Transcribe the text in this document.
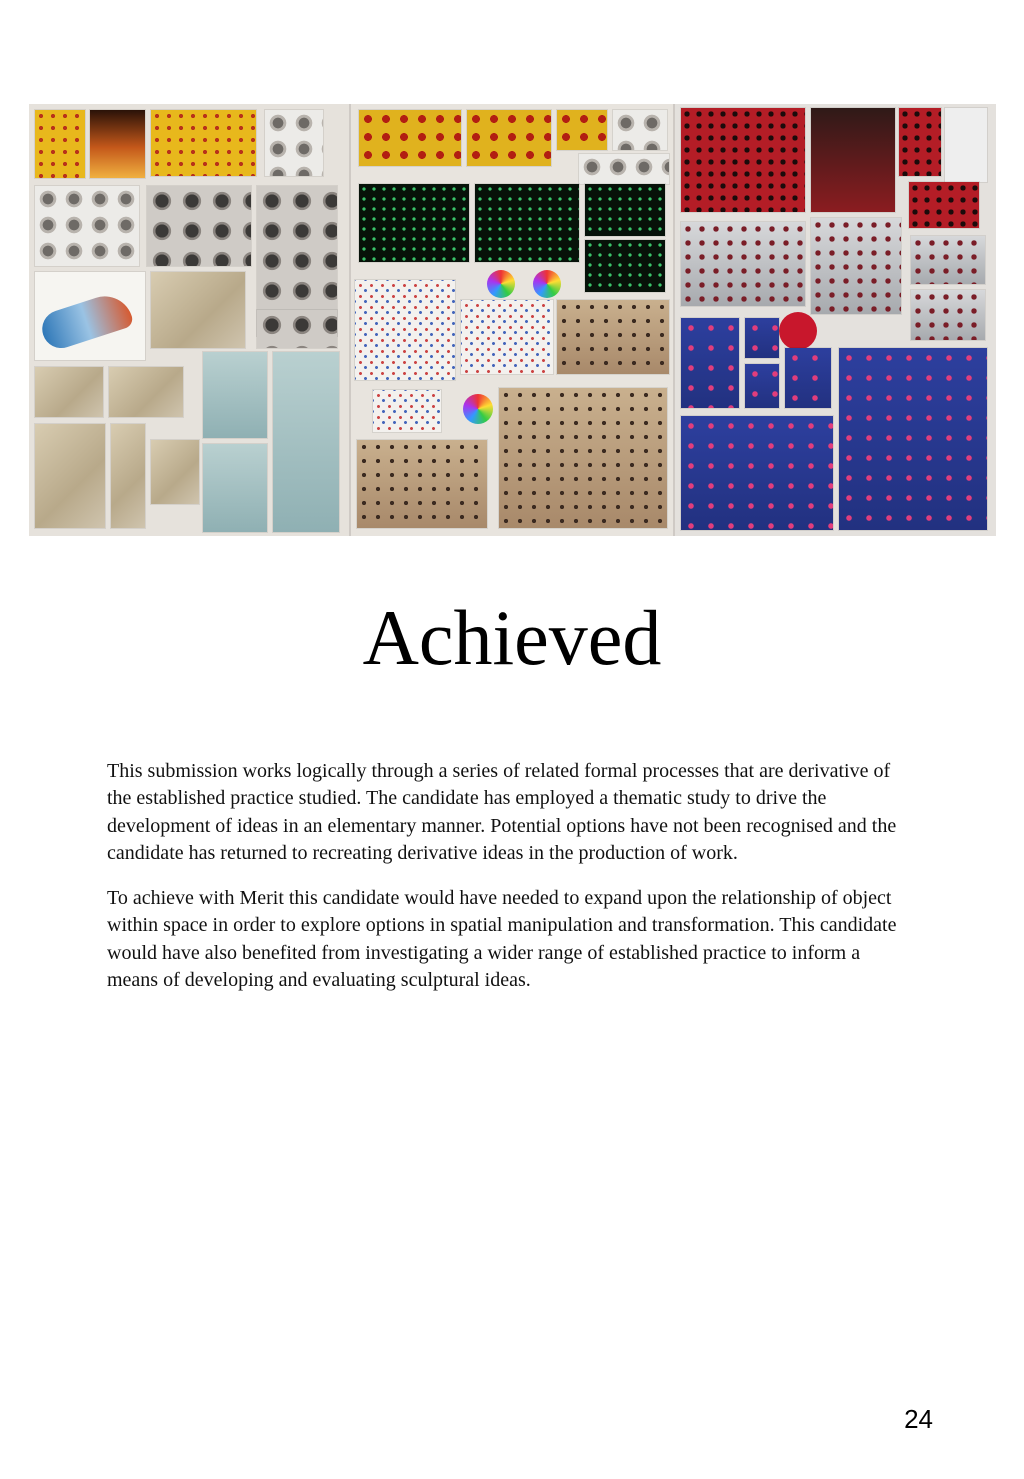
Achieved

This submission works logically through a series of related formal processes that are derivative of the established practice studied. The candidate has employed a thematic study to drive the development of ideas in an elementary manner. Potential options have not been recognised and the candidate has returned to recreating derivative ideas in the production of work.

To achieve with Merit this candidate would have needed to expand upon the relationship of object within space in order to explore options in spatial manipulation and transformation. This candidate would have also benefited from investigating a wider range of established practice to inform a means of developing and evaluating sculptural ideas.

24
